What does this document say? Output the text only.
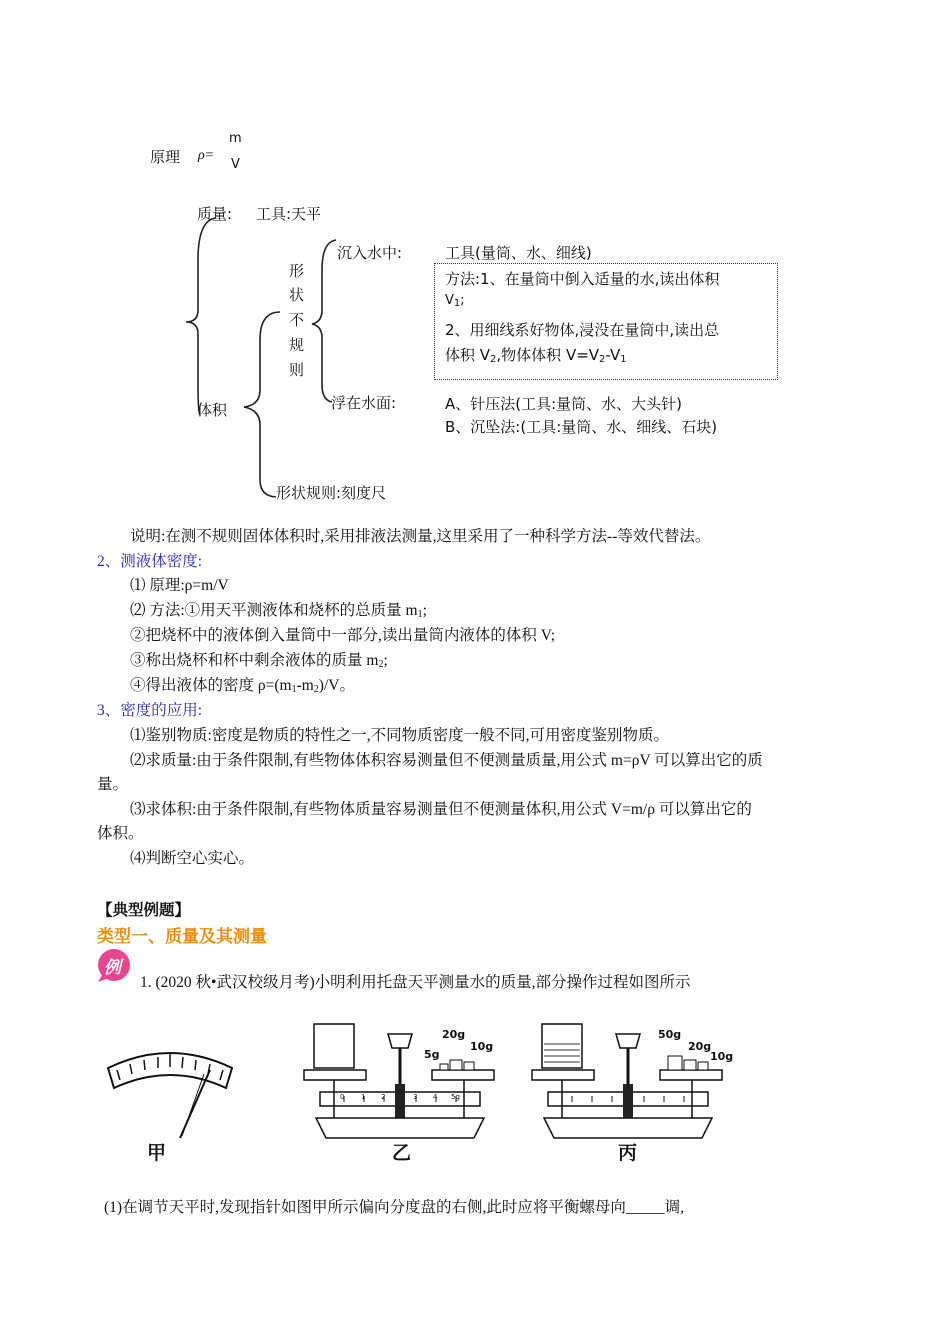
原理 ρ=
m
V
质量: 工具:天平
体积
形
状
不
规
则
沉入水中:	工具(量筒、水、细线)
方法:1、在量筒中倒入适量的水,读出体积
$V_1$;
2、用细线系好物体,浸没在量筒中,读出总
体积 $V_2$,物体体积 $V=V_2-V_1$
浮在水面:	A、针压法(工具:量筒、水、大头针)
B、沉坠法:(工具:量筒、水、细线、石块)
形状规则:刻度尺
说明:在测不规则固体体积时,采用排液法测量,这里采用了一种科学方法--等效代替法。
2、测液体密度:
⑴ 原理:ρ=m/V
⑵ 方法:①用天平测液体和烧杯的总质量 $m_1$;
②把烧杯中的液体倒入量筒中一部分,读出量筒内液体的体积 V;
③称出烧杯和杯中剩余液体的质量 $m_2$;
④得出液体的密度 $\rho=(m_1-m_2)/V$。
3、密度的应用:
⑴鉴别物质:密度是物质的特性之一,不同物质密度一般不同,可用密度鉴别物质。
⑵求质量:由于条件限制,有些物体体积容易测量但不便测量质量,用公式 m=ρV 可以算出它的质
量。
⑶求体积:由于条件限制,有些物体质量容易测量但不便测量体积,用公式 V=m/ρ 可以算出它的
体积。
⑷判断空心实心。
【典型例题】
类型一、质量及其测量
例
1. (2020 秋•武汉校级月考)小明利用托盘天平测量水的质量,部分操作过程如图所示
甲
20g
10g
5g
乙
50g
20g
10g
丙
0 1 2	3 4 5g
(1)在调节天平时,发现指针如图甲所示偏向分度盘的右侧,此时应将平衡螺母向_____调,
